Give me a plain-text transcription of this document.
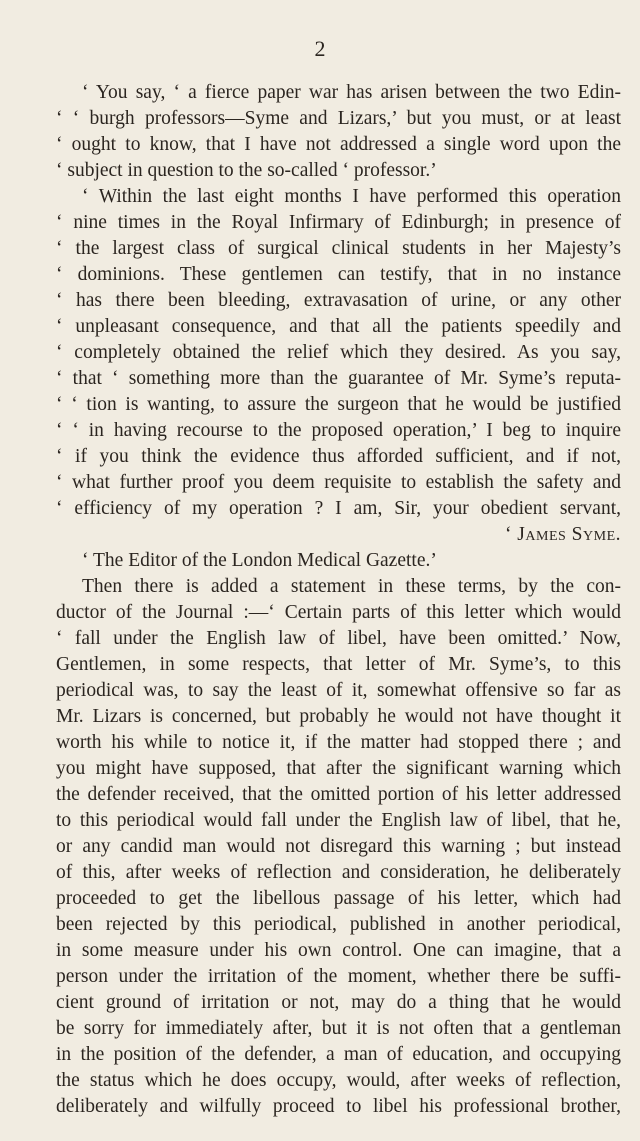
2
‘ You say, ‘ a fierce paper war has arisen between the two Edin-
‘ ‘ burgh professors—Syme and Lizars,’ but you must, or at least
‘ ought to know, that I have not addressed a single word upon the
‘ subject in question to the so-called ‘ professor.’
‘ Within the last eight months I have performed this operation
‘ nine times in the Royal Infirmary of Edinburgh; in presence of
‘ the largest class of surgical clinical students in her Majesty’s
‘ dominions. These gentlemen can testify, that in no instance
‘ has there been bleeding, extravasation of urine, or any other
‘ unpleasant consequence, and that all the patients speedily and
‘ completely obtained the relief which they desired. As you say,
‘ that ‘ something more than the guarantee of Mr. Syme’s reputa-
‘ ‘ tion is wanting, to assure the surgeon that he would be justified
‘ ‘ in having recourse to the proposed operation,’ I beg to inquire
‘ if you think the evidence thus afforded sufficient, and if not,
‘ what further proof you deem requisite to establish the safety and
‘ efficiency of my operation ? I am, Sir, your obedient servant,
‘ James Syme.
‘ The Editor of the London Medical Gazette.’
Then there is added a statement in these terms, by the con-
ductor of the Journal :—‘ Certain parts of this letter which would
‘ fall under the English law of libel, have been omitted.’ Now,
Gentlemen, in some respects, that letter of Mr. Syme’s, to this
periodical was, to say the least of it, somewhat offensive so far as
Mr. Lizars is concerned, but probably he would not have thought it
worth his while to notice it, if the matter had stopped there ; and
you might have supposed, that after the significant warning which
the defender received, that the omitted portion of his letter addressed
to this periodical would fall under the English law of libel, that he,
or any candid man would not disregard this warning ; but instead
of this, after weeks of reflection and consideration, he deliberately
proceeded to get the libellous passage of his letter, which had
been rejected by this periodical, published in another periodical,
in some measure under his own control. One can imagine, that a
person under the irritation of the moment, whether there be suffi-
cient ground of irritation or not, may do a thing that he would
be sorry for immediately after, but it is not often that a gentleman
in the position of the defender, a man of education, and occupying
the status which he does occupy, would, after weeks of reflection,
deliberately and wilfully proceed to libel his professional brother,
